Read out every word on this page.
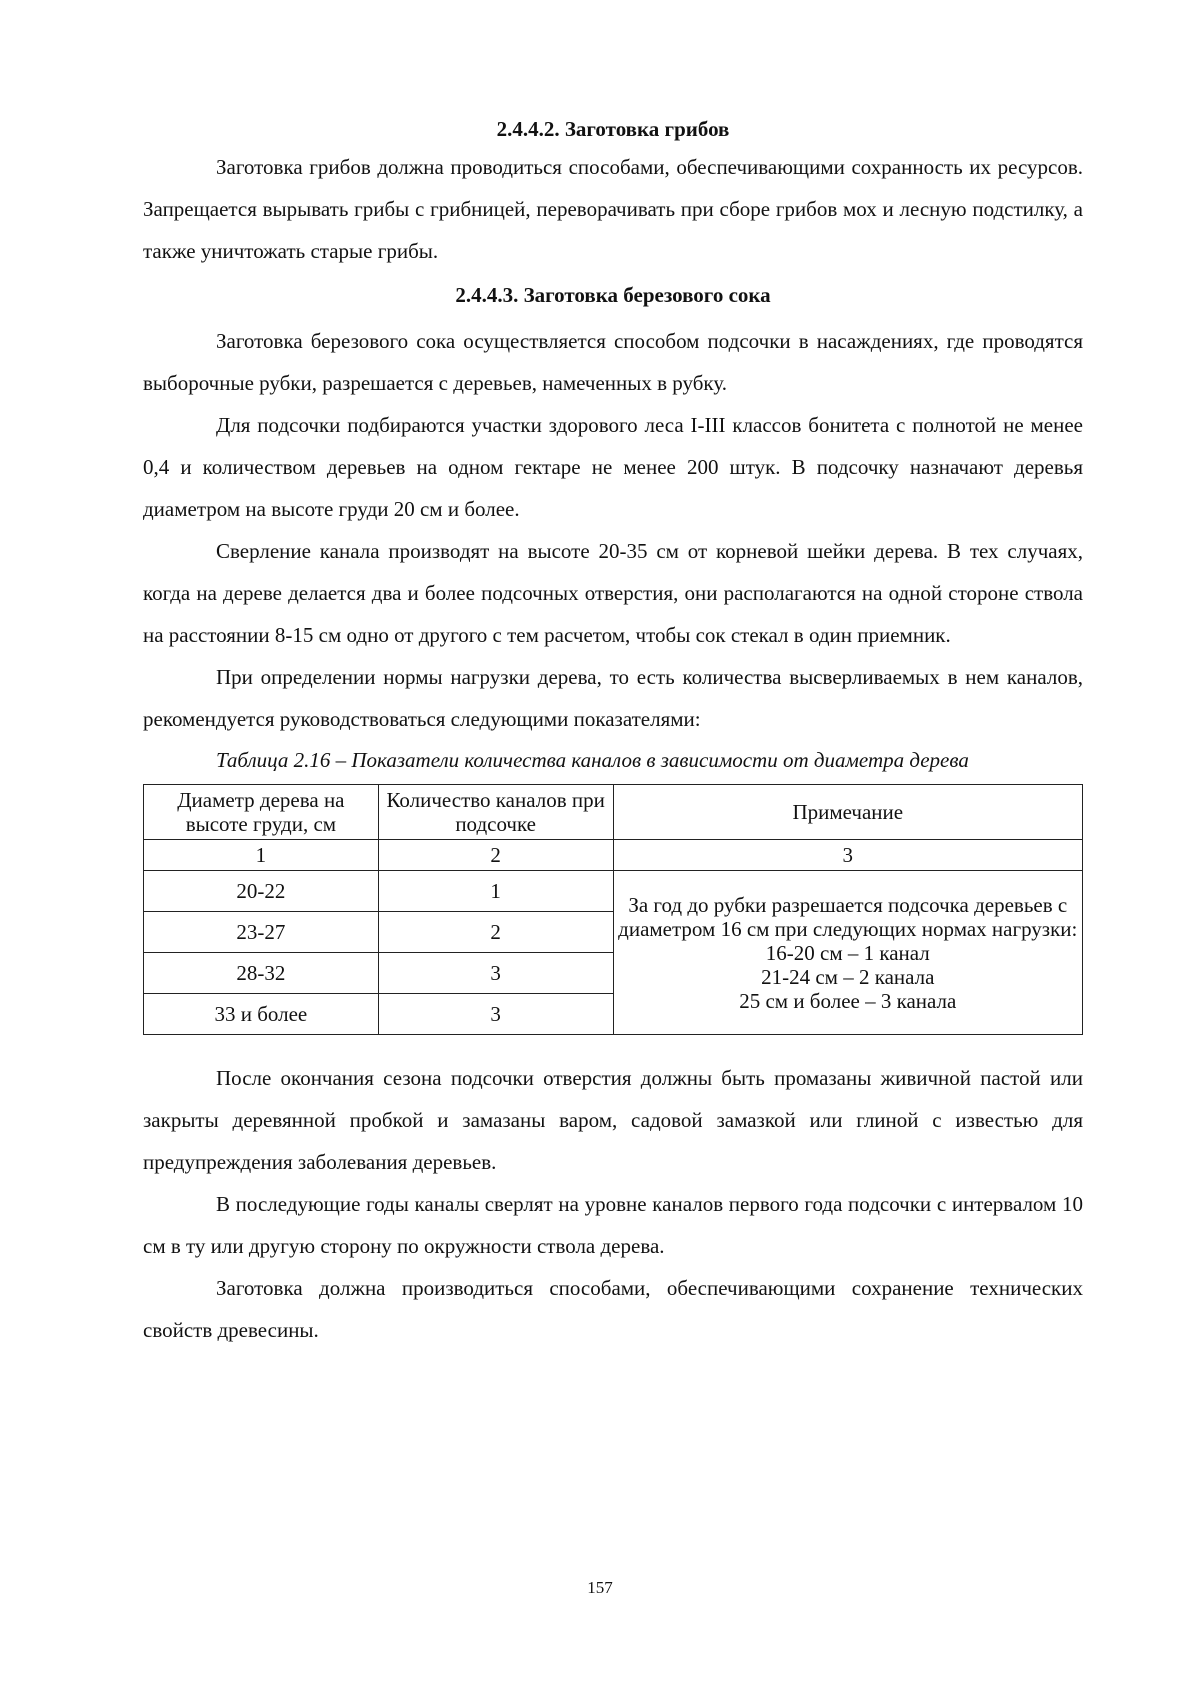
2.4.4.2. Заготовка грибов

Заготовка грибов должна проводиться способами, обеспечивающими сохранность их ресурсов. Запрещается вырывать грибы с грибницей, переворачивать при сборе грибов мох и лесную подстилку, а также уничтожать старые грибы.

2.4.4.3. Заготовка березового сока

Заготовка березового сока осуществляется способом подсочки в насаждениях, где проводятся выборочные рубки, разрешается с деревьев, намеченных в рубку.

Для подсочки подбираются участки здорового леса I-III классов бонитета с полнотой не менее 0,4 и количеством деревьев на одном гектаре не менее 200 штук. В подсочку назначают деревья диаметром на высоте груди 20 см и более.

Сверление канала производят на высоте 20-35 см от корневой шейки дерева. В тех случаях, когда на дереве делается два и более подсочных отверстия, они располагаются на одной стороне ствола на расстоянии 8-15 см одно от другого с тем расчетом, чтобы сок стекал в один приемник.

При определении нормы нагрузки дерева, то есть количества высверливаемых в нем каналов, рекомендуется руководствоваться следующими показателями:

Таблица 2.16 – Показатели количества каналов в зависимости от диаметра дерева

Диаметр дерева на высоте груди, см	Количество каналов при подсочке	Примечание
1	2	3
20-22	1	За год до рубки разрешается подсочка деревьев с диаметром 16 см при следующих нормах нагрузки:
16-20 см – 1 канал
21-24 см – 2 канала
25 см и более – 3 канала

23-27	2	
28-32	3	
33 и более	3	

После окончания сезона подсочки отверстия должны быть промазаны живичной пастой или закрыты деревянной пробкой и замазаны варом, садовой замазкой или глиной с известью для предупреждения заболевания деревьев.

В последующие годы каналы сверлят на уровне каналов первого года подсочки с интервалом 10 см в ту или другую сторону по окружности ствола дерева.

Заготовка должна производиться способами, обеспечивающими сохранение технических свойств древесины.

157
